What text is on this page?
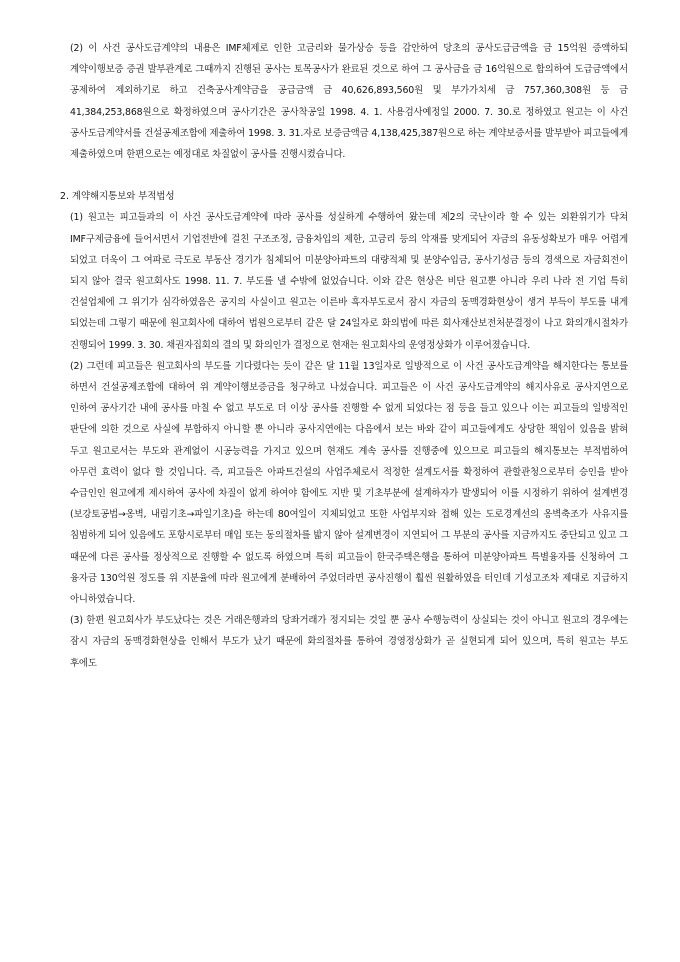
(2) 이 사건 공사도급계약의 내용은 IMF체제로 인한 고금리와 물가상승 등을 감안하여 당초의 공사도급금액을 금 15억원 증액하되 계약이행보증 증권 발부관계로 그때까지 진행된 공사는 토목공사가 완료된 것으로 하여 그 공사금을 금 16억원으로 합의하여 도급금액에서 공제하여 제외하기로 하고 건축공사계약금을 공급금액 금 40,626,893,560원 및 부가가치세 금 757,360,308원 등 금 41,384,253,868원으로 확정하였으며 공사기간은 공사착공일 1998. 4. 1. 사용검사예정일 2000. 7. 30.로 정하였고 원고는 이 사건 공사도급계약서를 건설공제조합에 제출하여 1998. 3. 31.자로 보증금액금 4,138,425,387원으로 하는 계약보증서를 발부받아 피고들에게 제출하였으며 한편으로는 예정대로 차질없이 공사를 진행시켰습니다.

2. 계약해지통보와 부적법성

(1) 원고는 피고들과의 이 사건 공사도급계약에 따라 공사를 성실하게 수행하여 왔는데 제2의 국난이라 할 수 있는 외환위기가 닥쳐 IMF구제금융에 들어서면서 기업전반에 걸친 구조조정, 금융차입의 제한, 고금리 등의 악재를 맞게되어 자금의 유동성확보가 매우 어렵게 되었고 더욱이 그 여파로 극도로 부동산 경기가 침체되어 미분양아파트의 대량적체 및 분양수입금, 공사기성금 등의 경색으로 자금회전이 되지 않아 결국 원고회사도 1998. 11. 7. 부도를 낼 수밖에 없었습니다. 이와 같은 현상은 비단 원고뿐 아니라 우리 나라 전 기업 특히 건설업체에 그 위기가 심각하였음은 공지의 사실이고 원고는 이른바 흑자부도로서 잠시 자금의 동맥경화현상이 생겨 부득이 부도를 내게 되었는데 그렇기 때문에 원고회사에 대하여 법원으로부터 같은 달 24일자로 화의법에 따른 회사재산보전처분결정이 나고 화의개시절차가 진행되어 1999. 3. 30. 채권자집회의 결의 및 화의인가 결정으로 현재는 원고회사의 운영정상화가 이루어졌습니다.

(2) 그런데 피고들은 원고회사의 부도를 기다렸다는 듯이 같은 달 11월 13일자로 일방적으로 이 사건 공사도급계약을 해지한다는 통보를 하면서 건설공제조합에 대하여 위 계약이행보증금을 청구하고 나섰습니다. 피고들은 이 사건 공사도급계약의 해지사유로 공사지연으로 인하여 공사기간 내에 공사를 마칠 수 없고 부도로 더 이상 공사를 진행할 수 없게 되었다는 점 등을 들고 있으나 이는 피고들의 일방적인 판단에 의한 것으로 사실에 부합하지 아니할 뿐 아니라 공사지연에는 다음에서 보는 바와 같이 피고들에게도 상당한 책임이 있음을 밝혀 두고 원고로서는 부도와 관계없이 시공능력을 가지고 있으며 현재도 계속 공사를 진행중에 있으므로 피고들의 해지통보는 부적법하여 아무런 효력이 없다 할 것입니다. 즉, 피고들은 아파트건설의 사업주체로서 적정한 설계도서를 확정하여 관할관청으로부터 승인을 받아 수급인인 원고에게 제시하여 공사에 차질이 없게 하여야 함에도 지반 및 기초부분에 설계하자가 발생되어 이를 시정하기 위하여 설계변경(보강토공법→옹벽, 내림기초→파일기초)을 하는데 80여일이 지체되었고 또한 사업부지와 접해 있는 도로경계선의 옹벽축조가 사유지를 침범하게 되어 있음에도 포항시로부터 매입 또는 동의절차를 밟지 않아 설계변경이 지연되어 그 부분의 공사를 지금까지도 중단되고 있고 그 때문에 다른 공사를 정상적으로 진행할 수 없도록 하였으며 특히 피고들이 한국주택은행을 통하여 미분양아파트 특별융자를 신청하여 그 융자금 130억원 정도를 위 지분율에 따라 원고에게 분배하여 주었더라면 공사진행이 훨씬 원활하였을 터인데 기성고조차 제대로 지급하지 아니하였습니다.

(3) 한편 원고회사가 부도났다는 것은 거래은행과의 당좌거래가 정지되는 것일 뿐 공사 수행능력이 상실되는 것이 아니고 원고의 경우에는 잠시 자금의 동맥경화현상을 인해서 부도가 났기 때문에 화의절차를 통하여 경영정상화가 곧 실현되게 되어 있으며, 특히 원고는 부도 후에도
